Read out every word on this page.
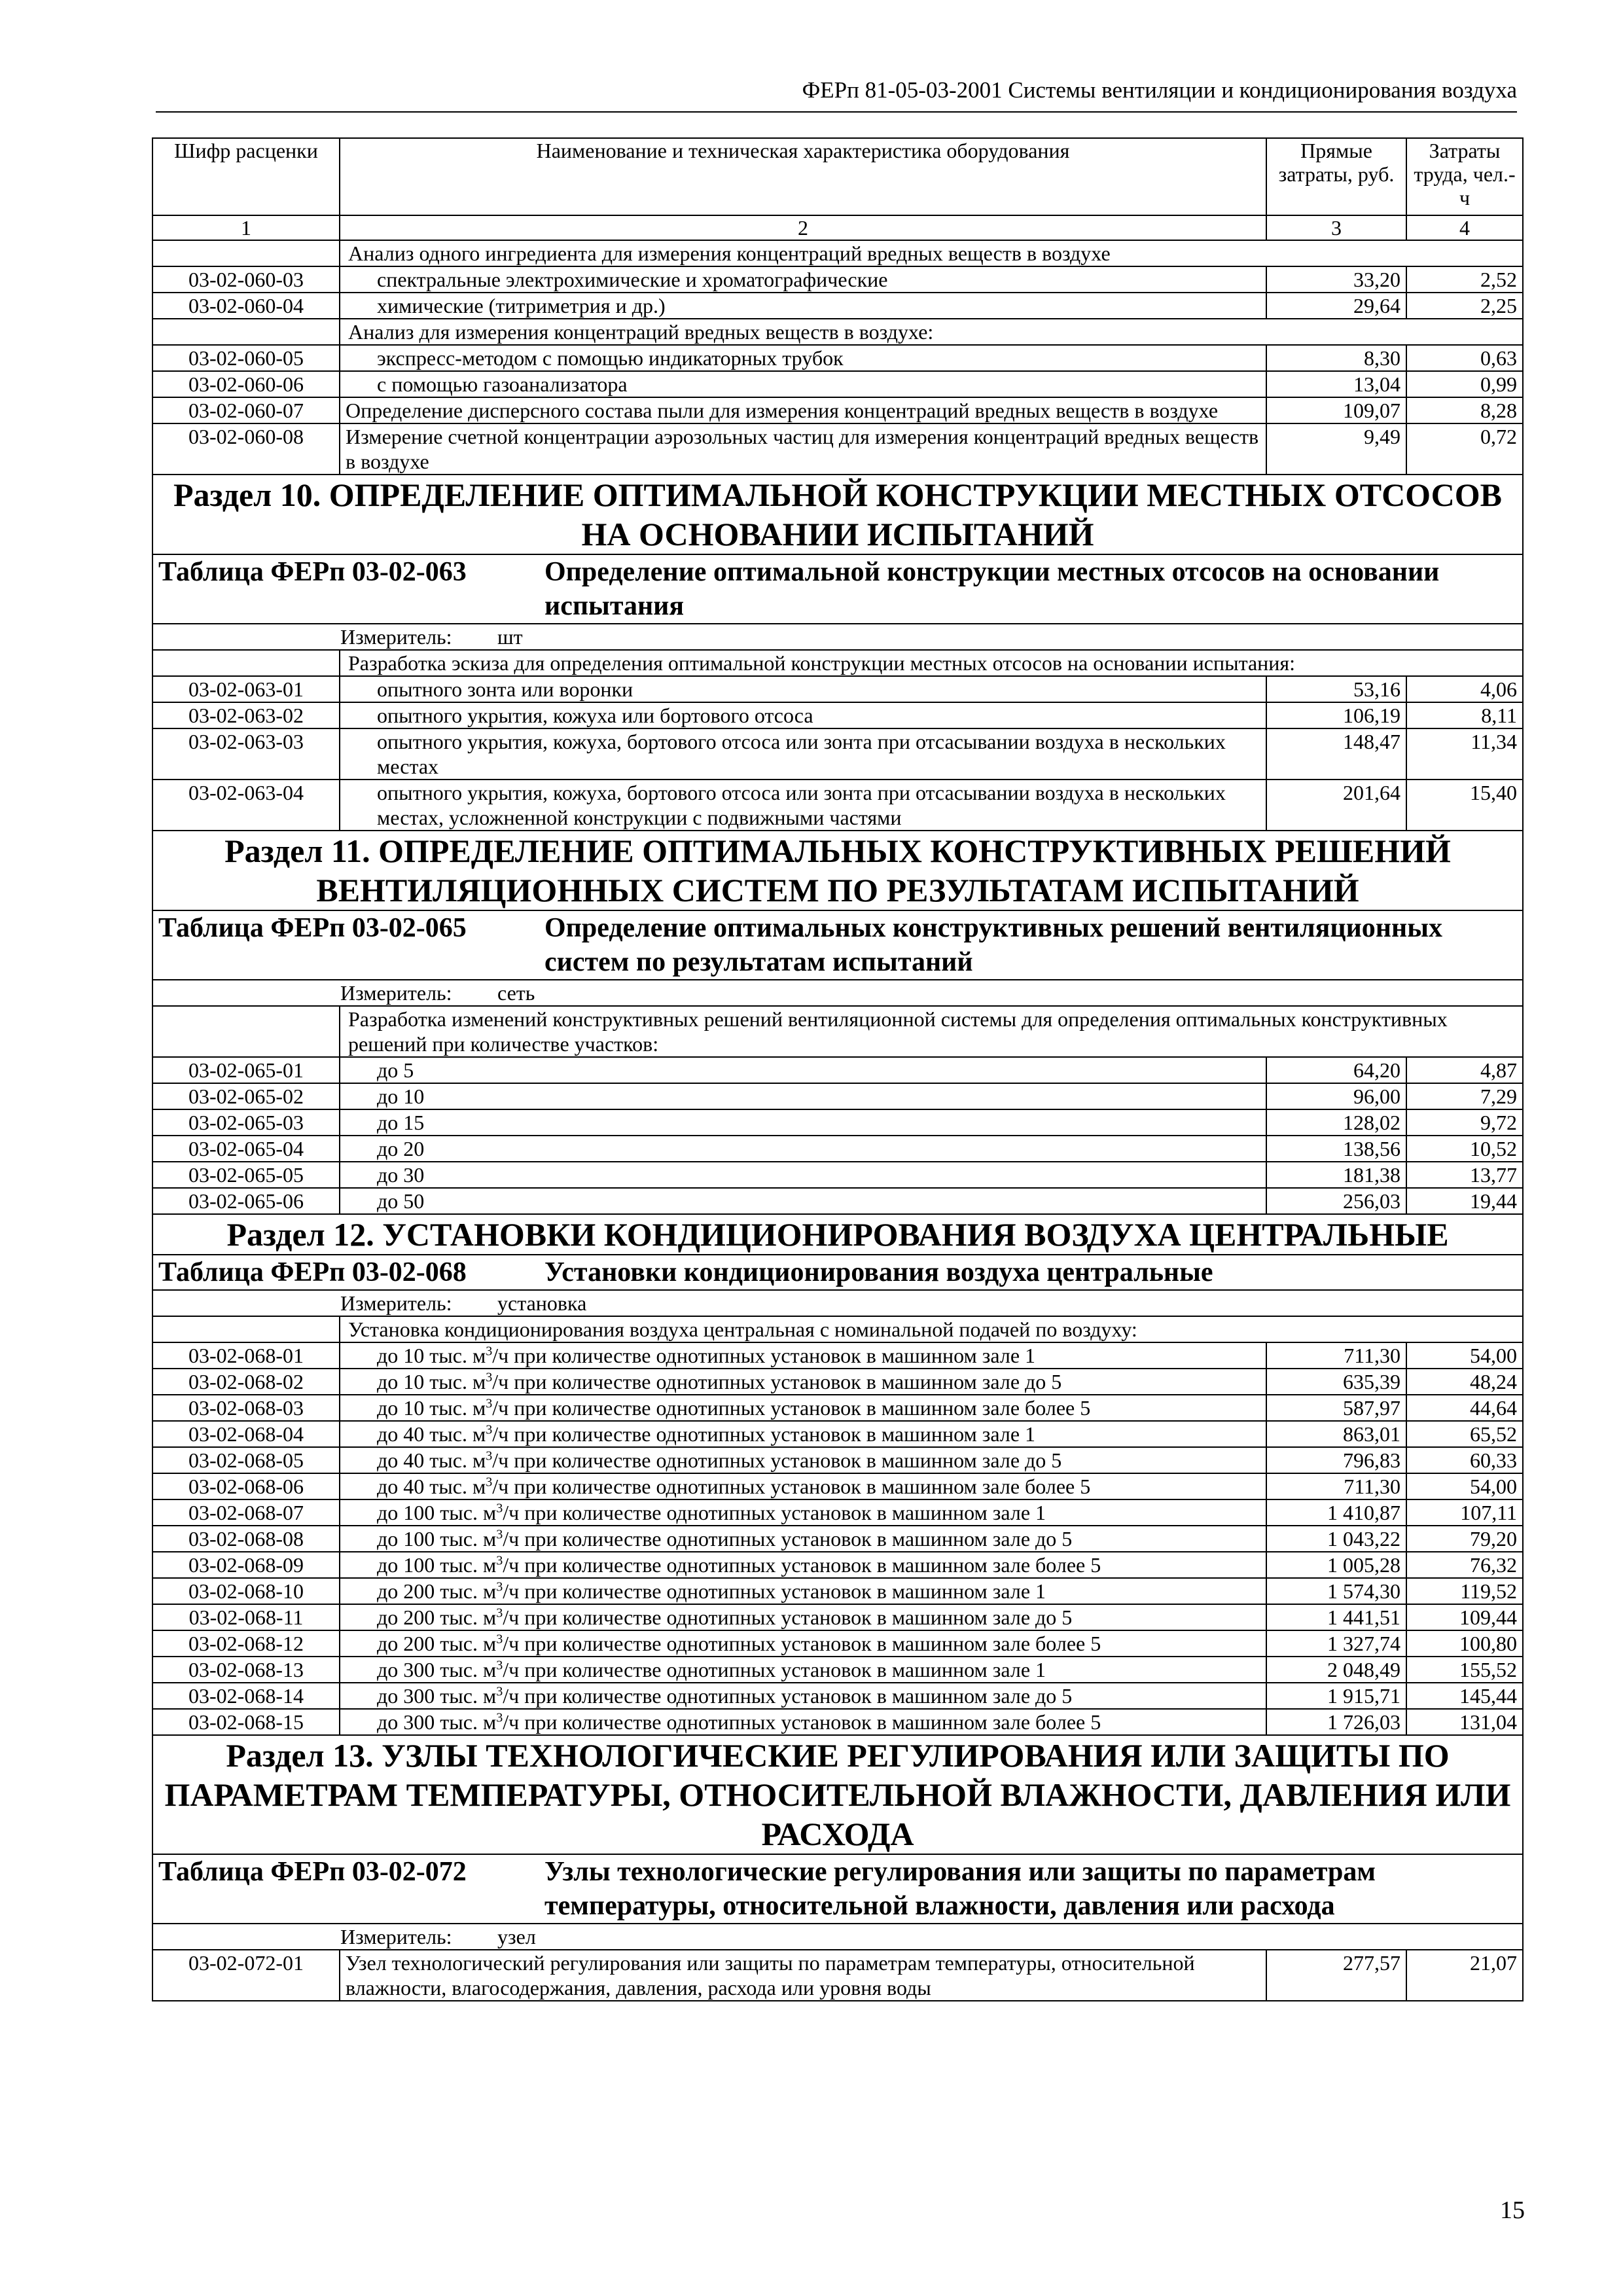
ФЕРп 81-05-03-2001 Системы вентиляции и кондиционирования воздуха
Шифр расценки	Наименование и техническая характеристика оборудования	Прямые затраты, руб.	Затраты труда, чел.-ч
1	2	3	4
	Анализ одного ингредиента для измерения концентраций вредных веществ в воздухе		
03-02-060-03	спектральные электрохимические и хроматографические	33,20	2,52
03-02-060-04	химические (титриметрия и др.)	29,64	2,25
	Анализ для измерения концентраций вредных веществ в воздухе:		
03-02-060-05	экспресс-методом с помощью индикаторных трубок	8,30	0,63
03-02-060-06	с помощью газоанализатора	13,04	0,99
03-02-060-07	Определение дисперсного состава пыли для измерения концентраций вредных веществ в воздухе	109,07	8,28
03-02-060-08	Измерение счетной концентрации аэрозольных частиц для измерения концентраций вредных веществ в воздухе	9,49	0,72
Раздел 10. ОПРЕДЕЛЕНИЕ ОПТИМАЛЬНОЙ КОНСТРУКЦИИ МЕСТНЫХ ОТСОСОВ НА ОСНОВАНИИ ИСПЫТАНИЙ			
Таблица ФЕРп 03-02-063 Определение оптимальной конструкции местных отсосов на основании испытания			
Измеритель: шт			
	Разработка эскиза для определения оптимальной конструкции местных отсосов на основании испытания:		
03-02-063-01	опытного зонта или воронки	53,16	4,06
03-02-063-02	опытного укрытия, кожуха или бортового отсоса	106,19	8,11
03-02-063-03	опытного укрытия, кожуха, бортового отсоса или зонта при отсасывании воздуха в нескольких местах	148,47	11,34
03-02-063-04	опытного укрытия, кожуха, бортового отсоса или зонта при отсасывании воздуха в нескольких местах, усложненной конструкции с подвижными частями	201,64	15,40
Раздел 11. ОПРЕДЕЛЕНИЕ ОПТИМАЛЬНЫХ КОНСТРУКТИВНЫХ РЕШЕНИЙ ВЕНТИЛЯЦИОННЫХ СИСТЕМ ПО РЕЗУЛЬТАТАМ ИСПЫТАНИЙ			
Таблица ФЕРп 03-02-065 Определение оптимальных конструктивных решений вентиляционных систем по результатам испытаний			
Измеритель: сеть			
	Разработка изменений конструктивных решений вентиляционной системы для определения оптимальных конструктивных решений при количестве участков:		
03-02-065-01	до 5	64,20	4,87
03-02-065-02	до 10	96,00	7,29
03-02-065-03	до 15	128,02	9,72
03-02-065-04	до 20	138,56	10,52
03-02-065-05	до 30	181,38	13,77
03-02-065-06	до 50	256,03	19,44
Раздел 12. УСТАНОВКИ КОНДИЦИОНИРОВАНИЯ ВОЗДУХА ЦЕНТРАЛЬНЫЕ			
Таблица ФЕРп 03-02-068 Установки кондиционирования воздуха центральные			
Измеритель: установка			
	Установка кондиционирования воздуха центральная с номинальной подачей по воздуху:		
03-02-068-01	до 10 тыс. $м^3/ч$ при количестве однотипных установок в машинном зале 1	711,30	54,00
03-02-068-02	до 10 тыс. $м^3/ч$ при количестве однотипных установок в машинном зале до 5	635,39	48,24
03-02-068-03	до 10 тыс. $м^3/ч$ при количестве однотипных установок в машинном зале более 5	587,97	44,64
03-02-068-04	до 40 тыс. $м^3/ч$ при количестве однотипных установок в машинном зале 1	863,01	65,52
03-02-068-05	до 40 тыс. $м^3/ч$ при количестве однотипных установок в машинном зале до 5	796,83	60,33
03-02-068-06	до 40 тыс. $м^3/ч$ при количестве однотипных установок в машинном зале более 5	711,30	54,00
03-02-068-07	до 100 тыс. $м^3/ч$ при количестве однотипных установок в машинном зале 1	1 410,87	107,11
03-02-068-08	до 100 тыс. $м^3/ч$ при количестве однотипных установок в машинном зале до 5	1 043,22	79,20
03-02-068-09	до 100 тыс. $м^3/ч$ при количестве однотипных установок в машинном зале более 5	1 005,28	76,32
03-02-068-10	до 200 тыс. $м^3/ч$ при количестве однотипных установок в машинном зале 1	1 574,30	119,52
03-02-068-11	до 200 тыс. $м^3/ч$ при количестве однотипных установок в машинном зале до 5	1 441,51	109,44
03-02-068-12	до 200 тыс. $м^3/ч$ при количестве однотипных установок в машинном зале более 5	1 327,74	100,80
03-02-068-13	до 300 тыс. $м^3/ч$ при количестве однотипных установок в машинном зале 1	2 048,49	155,52
03-02-068-14	до 300 тыс. $м^3/ч$ при количестве однотипных установок в машинном зале до 5	1 915,71	145,44
03-02-068-15	до 300 тыс. $м^3/ч$ при количестве однотипных установок в машинном зале более 5	1 726,03	131,04
Раздел 13. УЗЛЫ ТЕХНОЛОГИЧЕСКИЕ РЕГУЛИРОВАНИЯ ИЛИ ЗАЩИТЫ ПО ПАРАМЕТРАМ ТЕМПЕРАТУРЫ, ОТНОСИТЕЛЬНОЙ ВЛАЖНОСТИ, ДАВЛЕНИЯ ИЛИ РАСХОДА			
Таблица ФЕРп 03-02-072 Узлы технологические регулирования или защиты по параметрам температуры, относительной влажности, давления или расхода			
Измеритель: узел			
03-02-072-01	Узел технологический регулирования или защиты по параметрам температуры, относительной влажности, влагосодержания, давления, расхода или уровня воды	277,57	21,07
15
